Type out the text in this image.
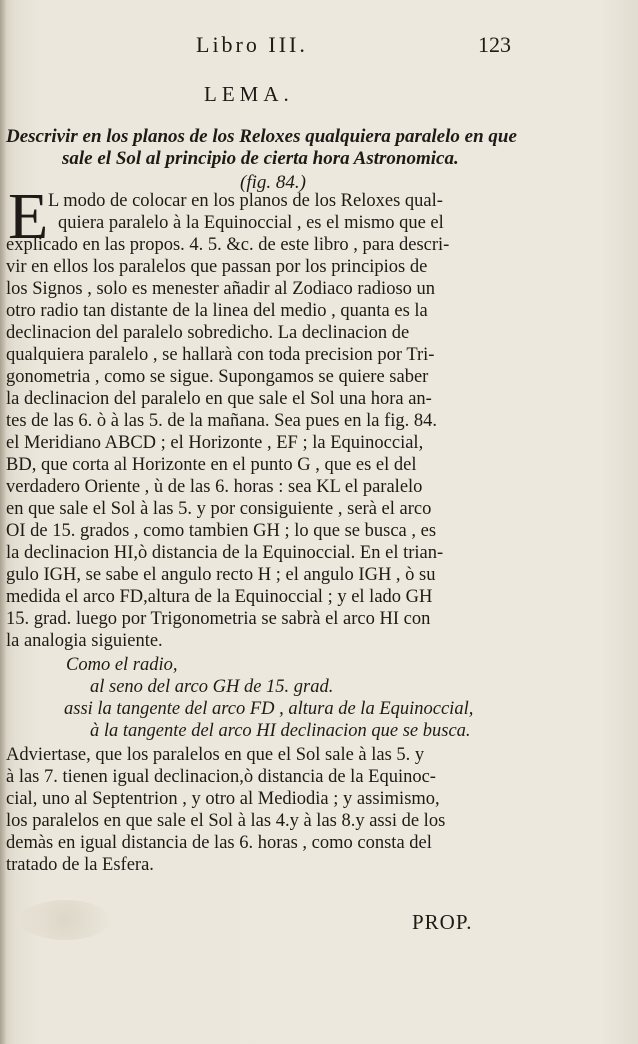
Libro III.	123
LEMA.
Descrivir en los planos de los Reloxes qualquiera paralelo en que
sale el Sol al principio de cierta hora Astronomica.
(fig. 84.)
E L modo de colocar en los planos de los Reloxes qual-
quiera paralelo à la Equinoccial , es el mismo que el
explicado en las propos. 4. 5. &c. de este libro , para descri-
vir en ellos los paralelos que passan por los principios de
los Signos , solo es menester añadir al Zodiaco radioso un
otro radio tan distante de la linea del medio , quanta es la
declinacion del paralelo sobredicho. La declinacion de
qualquiera paralelo , se hallarà con toda precision por Tri-
gonometria , como se sigue. Supongamos se quiere saber
la declinacion del paralelo en que sale el Sol una hora an-
tes de las 6. ò à las 5. de la mañana. Sea pues en la fig. 84.
el Meridiano ABCD ; el Horizonte , EF ; la Equinoccial,
BD, que corta al Horizonte en el punto G , que es el del
verdadero Oriente , ù de las 6. horas : sea KL el paralelo
en que sale el Sol à las 5. y por consiguiente , serà el arco
OI de 15. grados , como tambien GH ; lo que se busca , es
la declinacion HI,ò distancia de la Equinoccial. En el trian-
gulo IGH, se sabe el angulo recto H ; el angulo IGH , ò su
medida el arco FD,altura de la Equinoccial ; y el lado GH
15. grad. luego por Trigonometria se sabrà el arco HI con
la analogia siguiente.
Como el radio,
al seno del arco GH de 15. grad.
assi la tangente del arco FD , altura de la Equinoccial,
à la tangente del arco HI declinacion que se busca.
Adviertase, que los paralelos en que el Sol sale à las 5. y
à las 7. tienen igual declinacion,ò distancia de la Equinoc-
cial, uno al Septentrion , y otro al Mediodia ; y assimismo,
los paralelos en que sale el Sol à las 4.y à las 8.y assi de los
demàs en igual distancia de las 6. horas , como consta del
tratado de la Esfera.
PROP.
